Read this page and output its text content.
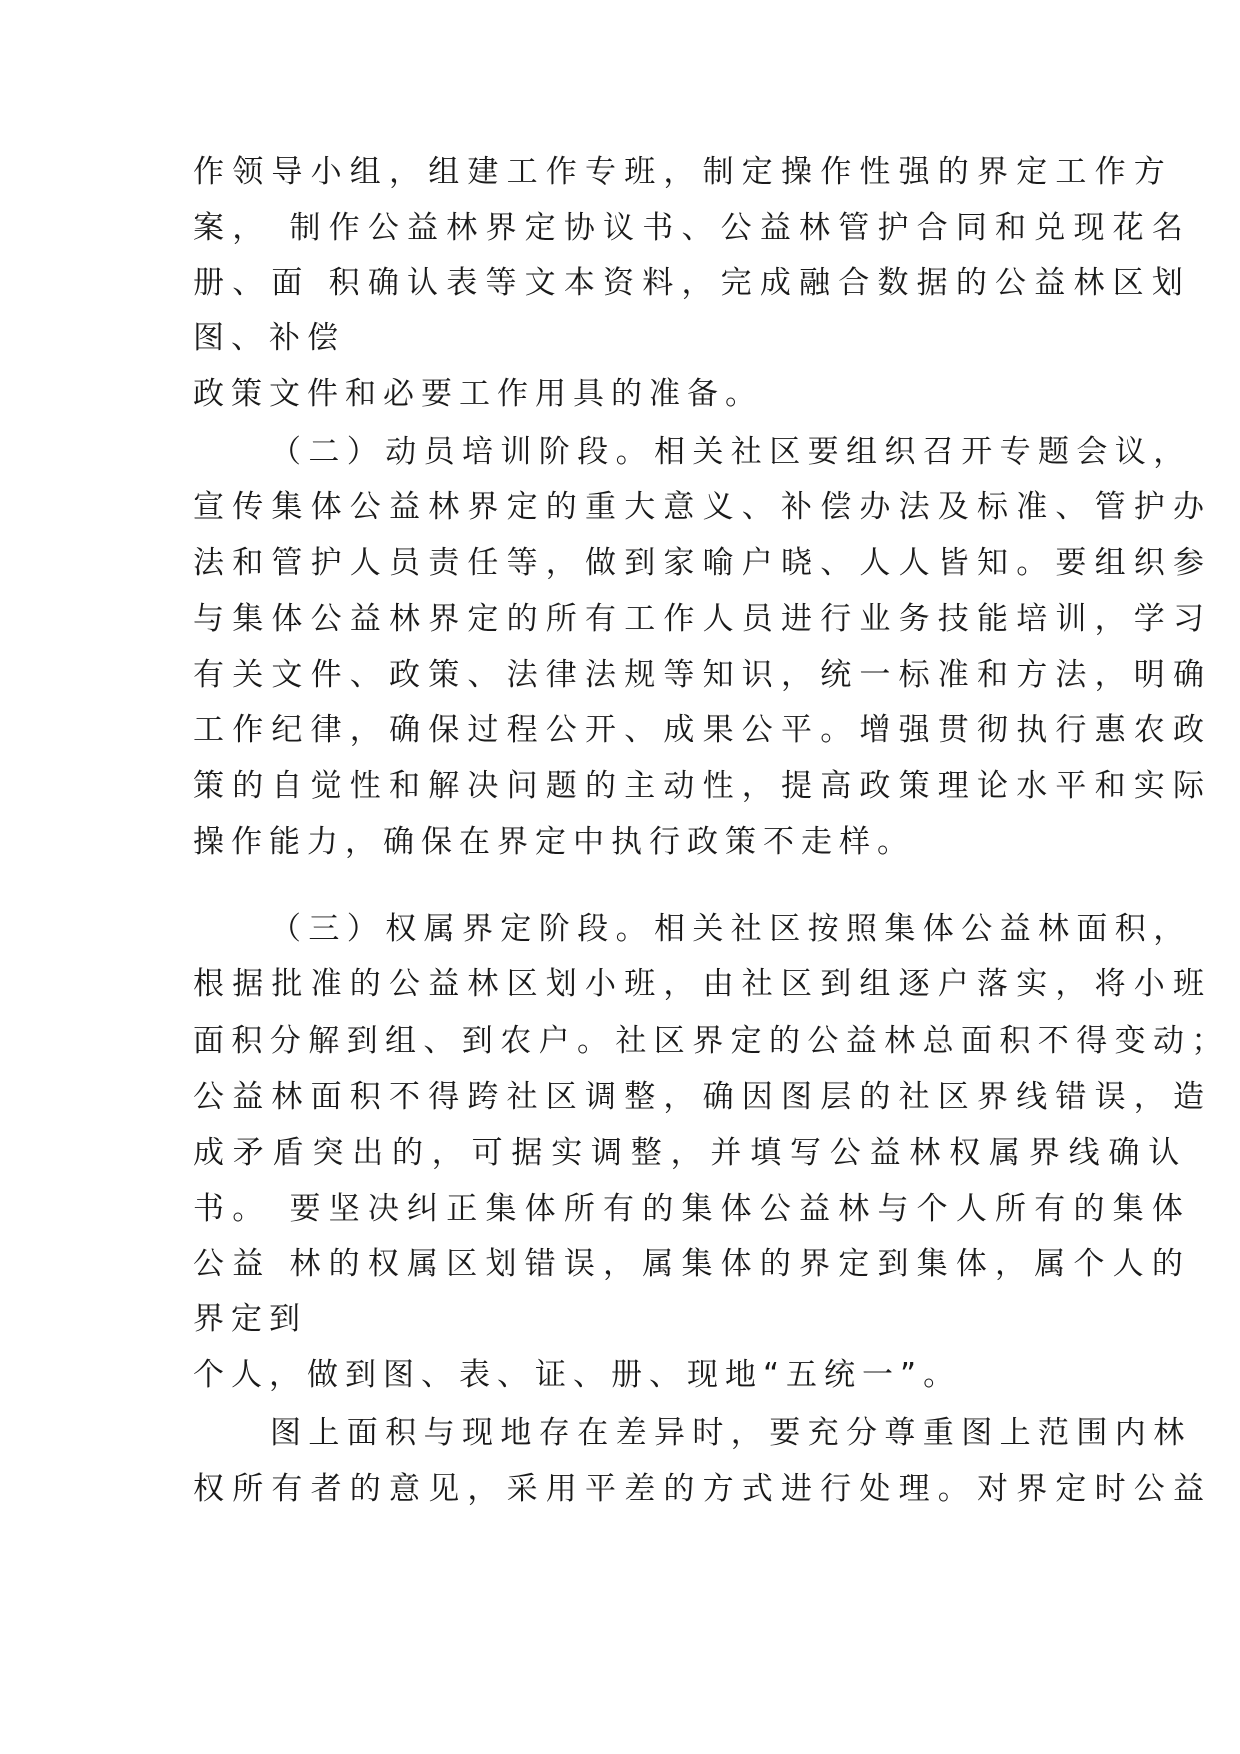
作领导小组，组建工作专班，制定操作性强的界定工作方
案， 制作公益林界定协议书、公益林管护合同和兑现花名
册、面 积确认表等文本资料，完成融合数据的公益林区划
图、补偿
政策文件和必要工作用具的准备。
（二）动员培训阶段。相关社区要组织召开专题会议，
宣传集体公益林界定的重大意义、补偿办法及标准、管护办
法和管护人员责任等，做到家喻户晓、人人皆知。要组织参
与集体公益林界定的所有工作人员进行业务技能培训，学习
有关文件、政策、法律法规等知识，统一标准和方法，明确
工作纪律，确保过程公开、成果公平。增强贯彻执行惠农政
策的自觉性和解决问题的主动性，提高政策理论水平和实际
操作能力，确保在界定中执行政策不走样。
（三）权属界定阶段。相关社区按照集体公益林面积，
根据批准的公益林区划小班，由社区到组逐户落实，将小班
面积分解到组、到农户。社区界定的公益林总面积不得变动；
公益林面积不得跨社区调整，确因图层的社区界线错误，造
成矛盾突出的，可据实调整，并填写公益林权属界线确认
书。 要坚决纠正集体所有的集体公益林与个人所有的集体
公益 林的权属区划错误，属集体的界定到集体，属个人的
界定到
个人，做到图、表、证、册、现地“五统一”。
图上面积与现地存在差异时，要充分尊重图上范围内林
权所有者的意见，采用平差的方式进行处理。对界定时公益
